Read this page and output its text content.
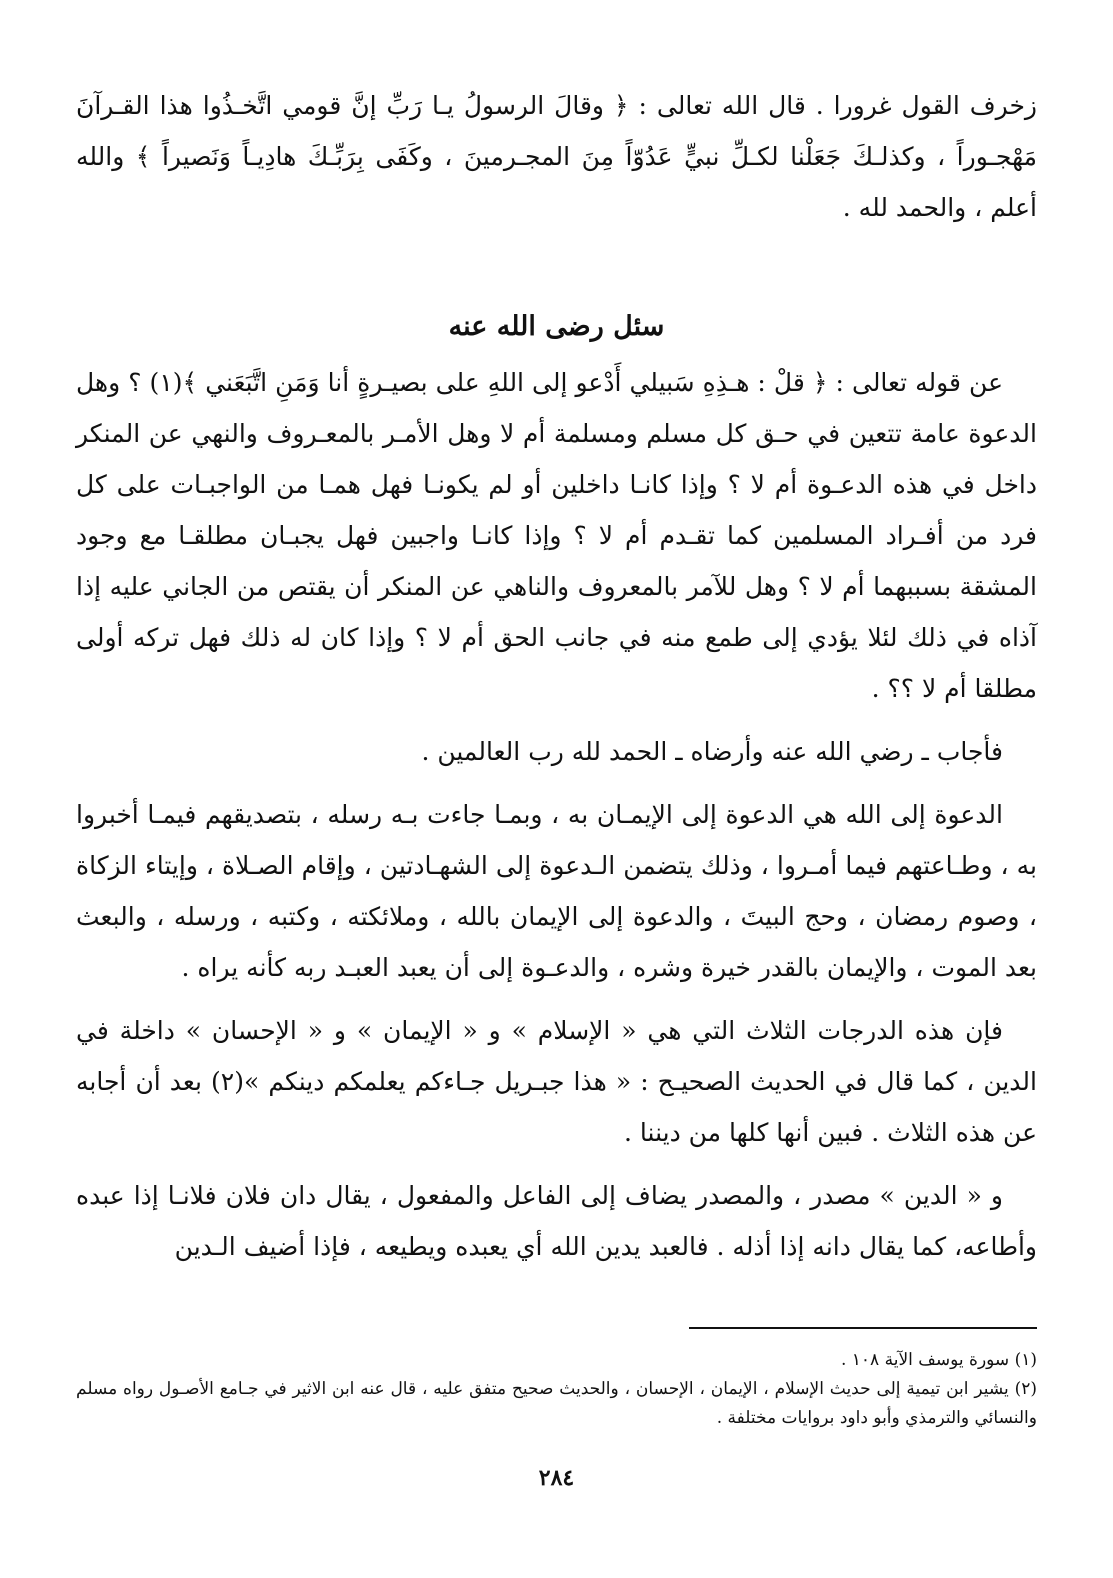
زخرف القول غرورا . قال الله تعالى : ﴿ وقالَ الرسولُ يـا رَبِّ إنَّ قومي اتَّخـذُوا هذا القـرآنَ مَهْجـوراً ، وكذلـكَ جَعَلْنا لكـلِّ نبيٍّ عَدُوّاً مِنَ المجـرمينَ ، وكَفَى بِرَبِّـكَ هادِيـاً وَنَصيراً ﴾ والله أعلم ، والحمد لله .

سئل رضى الله عنه

عن قوله تعالى : ﴿ قلْ : هـذِهِ سَبيلي أَدْعو إلى اللهِ على بصيـرةٍ أنا وَمَنِ اتَّبَعَني ﴾(١) ؟ وهل الدعوة عامة تتعين في حـق كل مسلم ومسلمة أم لا وهل الأمـر بالمعـروف والنهي عن المنكر داخل في هذه الدعـوة أم لا ؟ وإذا كانـا داخلين أو لم يكونـا فهل همـا من الواجبـات على كل فرد من أفـراد المسلمين كما تقـدم أم لا ؟ وإذا كانـا واجبين فهل يجبـان مطلقـا مع وجود المشقة بسببهما أم لا ؟ وهل للآمر بالمعروف والناهي عن المنكر أن يقتص من الجاني عليه إذا آذاه في ذلك لئلا يؤدي إلى طمع منه في جانب الحق أم لا ؟ وإذا كان له ذلك فهل تركه أولى مطلقا أم لا ؟؟ .

فأجاب ـ رضي الله عنه وأرضاه ـ الحمد لله رب العالمين .

الدعوة إلى الله هي الدعوة إلى الإيمـان به ، وبمـا جاءت بـه رسله ، بتصديقهم فيمـا أخبروا به ، وطـاعتهم فيما أمـروا ، وذلك يتضمن الـدعوة إلى الشهـادتين ، وإقام الصـلاة ، وإيتاء الزكاة ، وصوم رمضان ، وحج البيتَ ، والدعوة إلى الإيمان بالله ، وملائكته ، وكتبه ، ورسله ، والبعث بعد الموت ، والإيمان بالقدر خيرة وشره ، والدعـوة إلى أن يعبد العبـد ربه كأنه يراه .

فإن هذه الدرجات الثلاث التي هي « الإسلام » و « الإيمان » و « الإحسان » داخلة في الدين ، كما قال في الحديث الصحيـح : « هذا جبـريل جـاءكم يعلمكم دينكم »(٢) بعد أن أجابه عن هذه الثلاث . فبين أنها كلها من ديننا .

و « الدين » مصدر ، والمصدر يضاف إلى الفاعل والمفعول ، يقال دان فلان فلانـا إذا عبده وأطاعه، كما يقال دانه إذا أذله . فالعبد يدين الله أي يعبده ويطيعه ، فإذا أضيف الـدين

(١) سورة يوسف الآية ١٠٨ .

(٢) يشير ابن تيمية إلى حديث الإسلام ، الإيمان ، الإحسان ، والحديث صحيح متفق عليه ، قال عنه ابن الاثير في جـامع الأصـول رواه مسلم والنسائي والترمذي وأبو داود بروايات مختلفة .

٢٨٤
